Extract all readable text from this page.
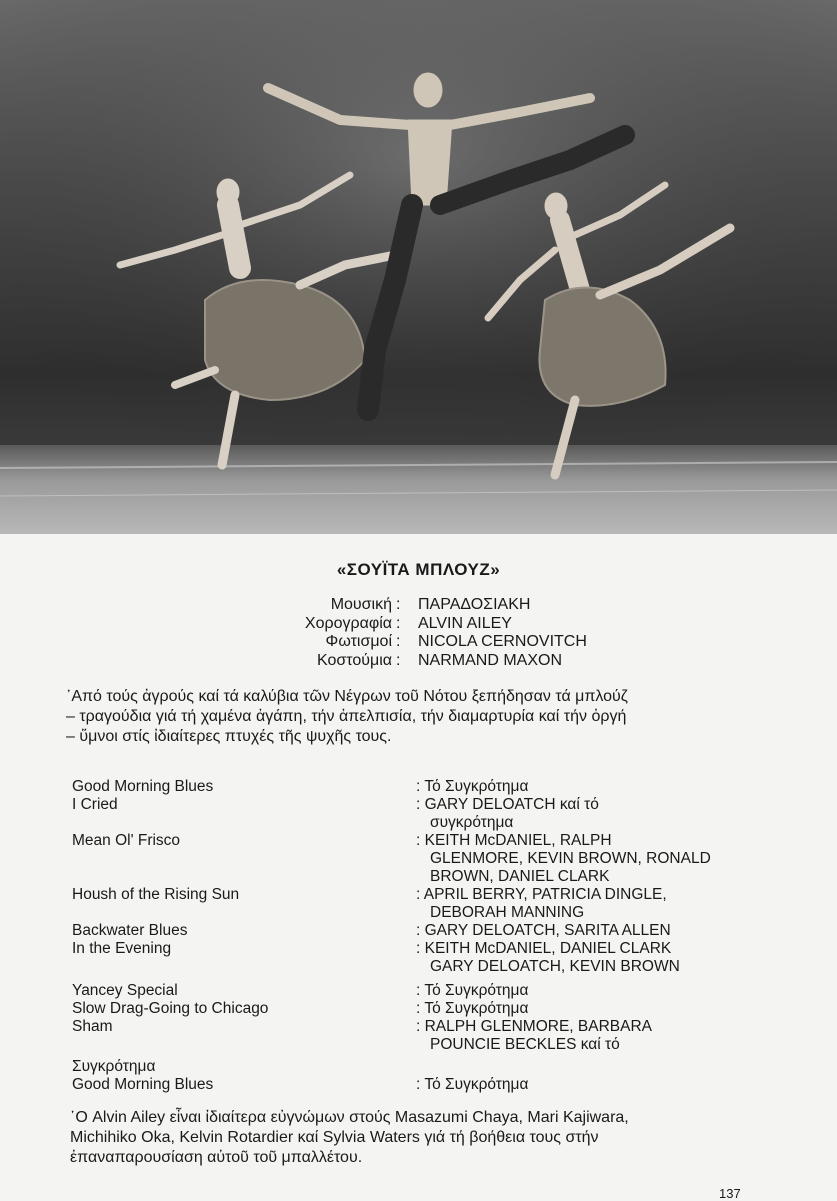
«ΣΟΥΪΤΑ ΜΠΛΟΥΖ»
Μουσική : ΠΑΡΑΔΟΣΙΑΚΗ
Χορογραφία : ALVIN AILEY
Φωτισμοί : NICOLA CERNOVITCH
Κοστούμια : NARMAND MAXON
᾿Από τούς ἀγρούς καί τά καλύβια τῶν Νέγρων τοῦ Νότου ξεπήδησαν τά μπλούζ
– τραγούδια γιά τή χαμένα ἀγάπη, τήν ἀπελπισία, τήν διαμαρτυρία καί τήν ὀργή
– ὕμνοι στίς ἰδιαίτερες πτυχές τῆς ψυχῆς τους.
Good Morning Blues	: Τό Συγκρότημα
I Cried	: GARY DELOATCH καί τό
συγκρότημα
Mean Ol' Frisco	: KEITH McDANIEL, RALPH
GLENMORE, KEVIN BROWN, RONALD
BROWN, DANIEL CLARK
Housh of the Rising Sun	: APRIL BERRY, PATRICIA DINGLE,
DEBORAH MANNING
Backwater Blues	: GARY DELOATCH, SARITA ALLEN
In the Evening	: KEITH McDANIEL, DANIEL CLARK
GARY DELOATCH, KEVIN BROWN
Yancey Special	: Τό Συγκρότημα
Slow Drag-Going to Chicago	: Τό Συγκρότημα
Sham	: RALPH GLENMORE, BARBARA
POUNCIE BECKLES καί τό
Συγκρότημα
Good Morning Blues	: Τό Συγκρότημα
῾Ο Alvin Ailey εἶναι ἰδιαίτερα εὐγνώμων στούς Masazumi Chaya, Mari Kajiwara,
Michihiko Oka, Kelvin Rotardier καί Sylvia Waters γιά τή βοήθεια τους στήν
ἐπαναπαρουσίαση αὐτοῦ τοῦ μπαλλέτου.
137
